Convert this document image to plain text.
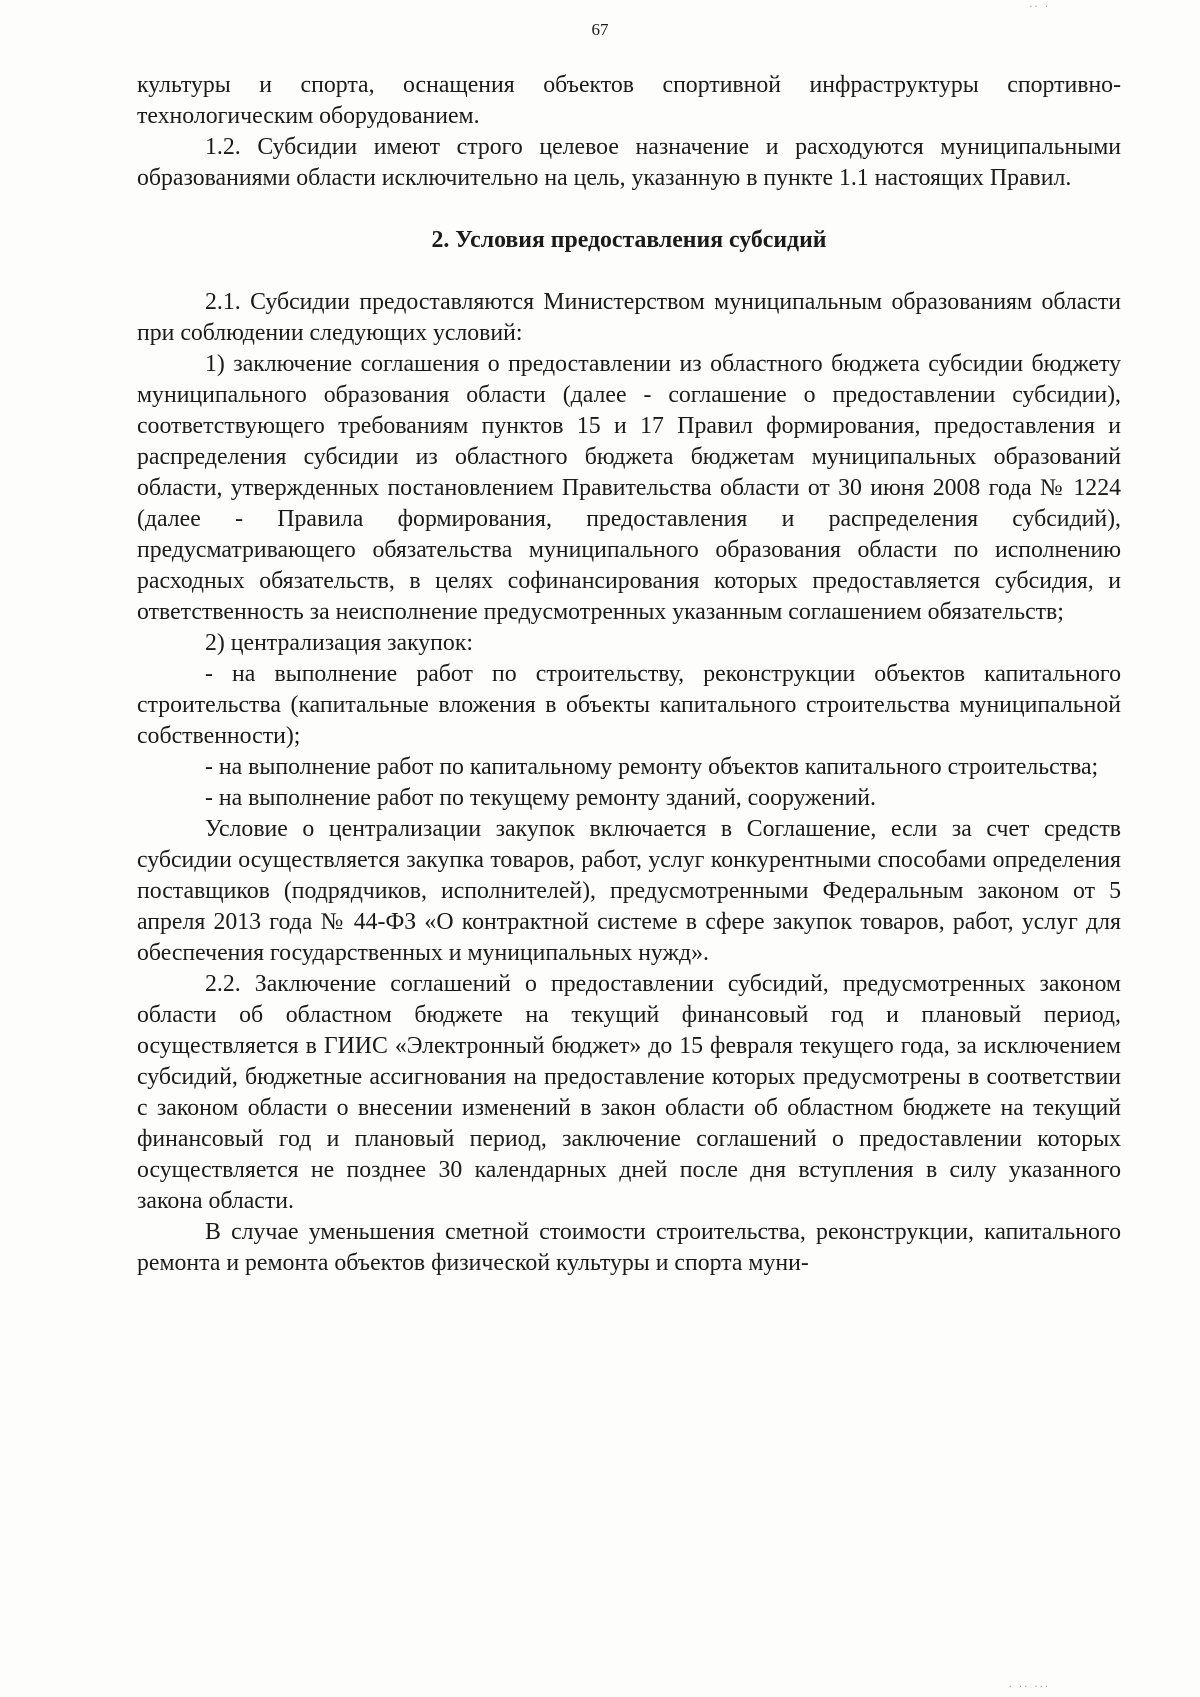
67

культуры и спорта, оснащения объектов спортивной инфраструктуры спортивно-технологическим оборудованием.

1.2. Субсидии имеют строго целевое назначение и расходуются муниципальными образованиями области исключительно на цель, указанную в пункте 1.1 настоящих Правил.

2. Условия предоставления субсидий

2.1. Субсидии предоставляются Министерством муниципальным образованиям области при соблюдении следующих условий:

1) заключение соглашения о предоставлении из областного бюджета субсидии бюджету муниципального образования области (далее - соглашение о предоставлении субсидии), соответствующего требованиям пунктов 15 и 17 Правил формирования, предоставления и распределения субсидии из областного бюджета бюджетам муниципальных образований области, утвержденных постановлением Правительства области от 30 июня 2008 года № 1224 (далее - Правила формирования, предоставления и распределения субсидий), предусматривающего обязательства муниципального образования области по исполнению расходных обязательств, в целях софинансирования которых предоставляется субсидия, и ответственность за неисполнение предусмотренных указанным соглашением обязательств;

2) централизация закупок:

- на выполнение работ по строительству, реконструкции объектов капитального строительства (капитальные вложения в объекты капитального строительства муниципальной собственности);

- на выполнение работ по капитальному ремонту объектов капитального строительства;

- на выполнение работ по текущему ремонту зданий, сооружений.

Условие о централизации закупок включается в Соглашение, если за счет средств субсидии осуществляется закупка товаров, работ, услуг конкурентными способами определения поставщиков (подрядчиков, исполнителей), предусмотренными Федеральным законом от 5 апреля 2013 года № 44-ФЗ «О контрактной системе в сфере закупок товаров, работ, услуг для обеспечения государственных и муниципальных нужд».

2.2. Заключение соглашений о предоставлении субсидий, предусмотренных законом области об областном бюджете на текущий финансовый год и плановый период, осуществляется в ГИИС «Электронный бюджет» до 15 февраля текущего года, за исключением субсидий, бюджетные ассигнования на предоставление которых предусмотрены в соответствии с законом области о внесении изменений в закон области об областном бюджете на текущий финансовый год и плановый период, заключение соглашений о предоставлении которых осуществляется не позднее 30 календарных дней после дня вступления в силу указанного закона области.

В случае уменьшения сметной стоимости строительства, реконструкции, капитального ремонта и ремонта объектов физической культуры и спорта муни-

·· ·
· ·· ···
